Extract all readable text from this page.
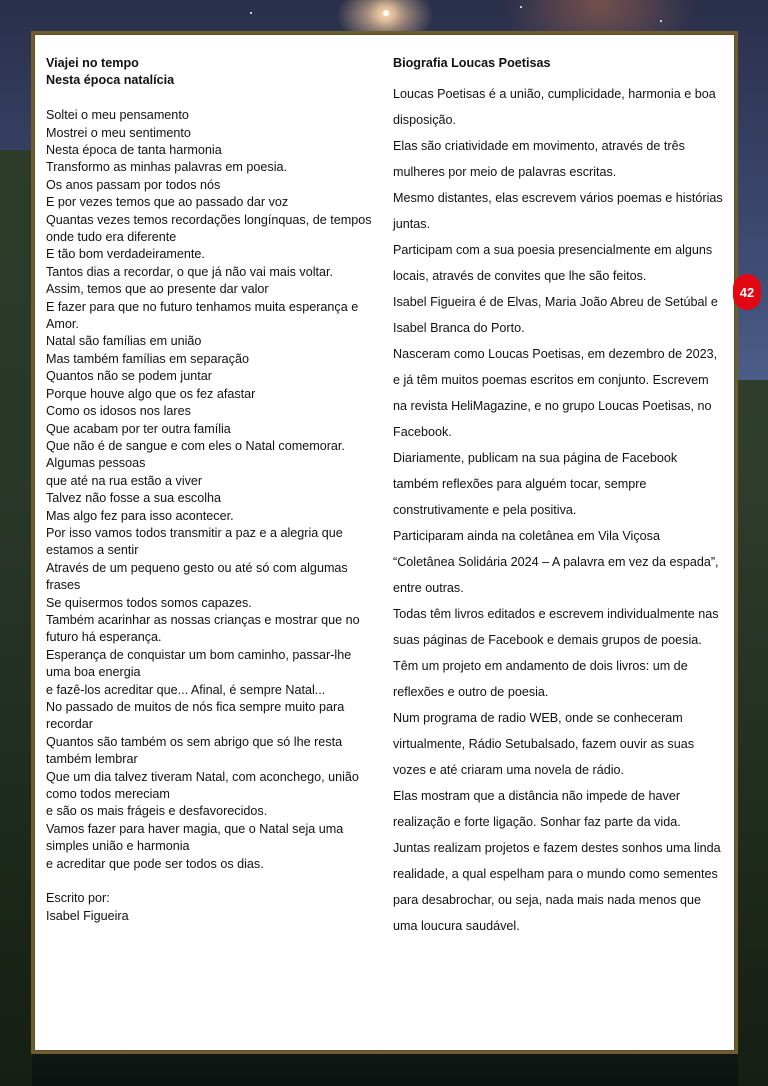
Viajei no tempo

Nesta época natalícia

Soltei o meu pensamento

Mostrei o meu sentimento

Nesta época de tanta harmonia

Transformo as minhas palavras em poesia.

Os anos passam por todos nós

E por vezes temos que ao passado dar voz

Quantas vezes temos recordações longínquas, de tempos onde tudo era diferente

E tão bom verdadeiramente.

Tantos dias a recordar, o que já não vai mais voltar.

Assim, temos que ao presente dar valor

E fazer para que no futuro tenhamos muita esperança e Amor.

Natal são famílias em união

Mas também famílias em separação

Quantos não se podem juntar

Porque houve algo que os fez afastar

Como os idosos nos lares

Que acabam por ter outra família

Que não é de sangue e com eles o Natal comemorar.

Algumas pessoas

que até na rua estão a viver

Talvez não fosse a sua escolha

Mas algo fez para isso acontecer.

Por isso vamos todos transmitir a paz e a alegria que estamos a sentir

Através de um pequeno gesto ou até só com algumas frases

Se quisermos todos somos capazes.

Também acarinhar as nossas crianças e mostrar que no futuro há esperança.

Esperança de conquistar um bom caminho, passar-lhe uma boa energia

e fazê-los acreditar que... Afinal, é sempre Natal...

No passado de muitos de nós fica sempre muito para recordar

Quantos são também os sem abrigo que só lhe resta também lembrar

Que um dia talvez tiveram Natal, com aconchego, união como todos mereciam

e são os mais frágeis e desfavorecidos.

Vamos fazer para haver magia, que o Natal seja uma simples união e harmonia

e acreditar que pode ser todos os dias.

Escrito por:

Isabel Figueira

Biografia Loucas Poetisas

Loucas Poetisas é a união, cumplicidade, harmonia e boa disposição.

Elas são criatividade em movimento, através de três mulheres por meio de palavras escritas.

Mesmo distantes, elas escrevem vários poemas e histórias juntas.

Participam com a sua poesia presencialmente em alguns locais, através de convites que lhe são feitos.

Isabel Figueira é de Elvas, Maria João Abreu de Setúbal e Isabel Branca do Porto.

Nasceram como Loucas Poetisas, em dezembro de 2023, e já têm muitos poemas escritos em conjunto. Escrevem na revista HeliMagazine, e no grupo Loucas Poetisas, no Facebook.

Diariamente, publicam na sua página de Facebook também reflexões para alguém tocar, sempre construtivamente e pela positiva.

Participaram ainda na coletânea em Vila Viçosa “Coletânea Solidária 2024 – A palavra em vez da espada”, entre outras.

Todas têm livros editados e escrevem individualmente nas suas páginas de Facebook e demais grupos de poesia.

Têm um projeto em andamento de dois livros: um de reflexões e outro de poesia.

Num programa de radio WEB, onde se conheceram virtualmente, Rádio Setubalsado, fazem ouvir as suas vozes e até criaram uma novela de rádio.

Elas mostram que a distância não impede de haver realização e forte ligação. Sonhar faz parte da vida.

Juntas realizam projetos e fazem destes sonhos uma linda realidade, a qual espelham para o mundo como sementes para desabrochar, ou seja, nada mais nada menos que uma loucura saudável.

42
